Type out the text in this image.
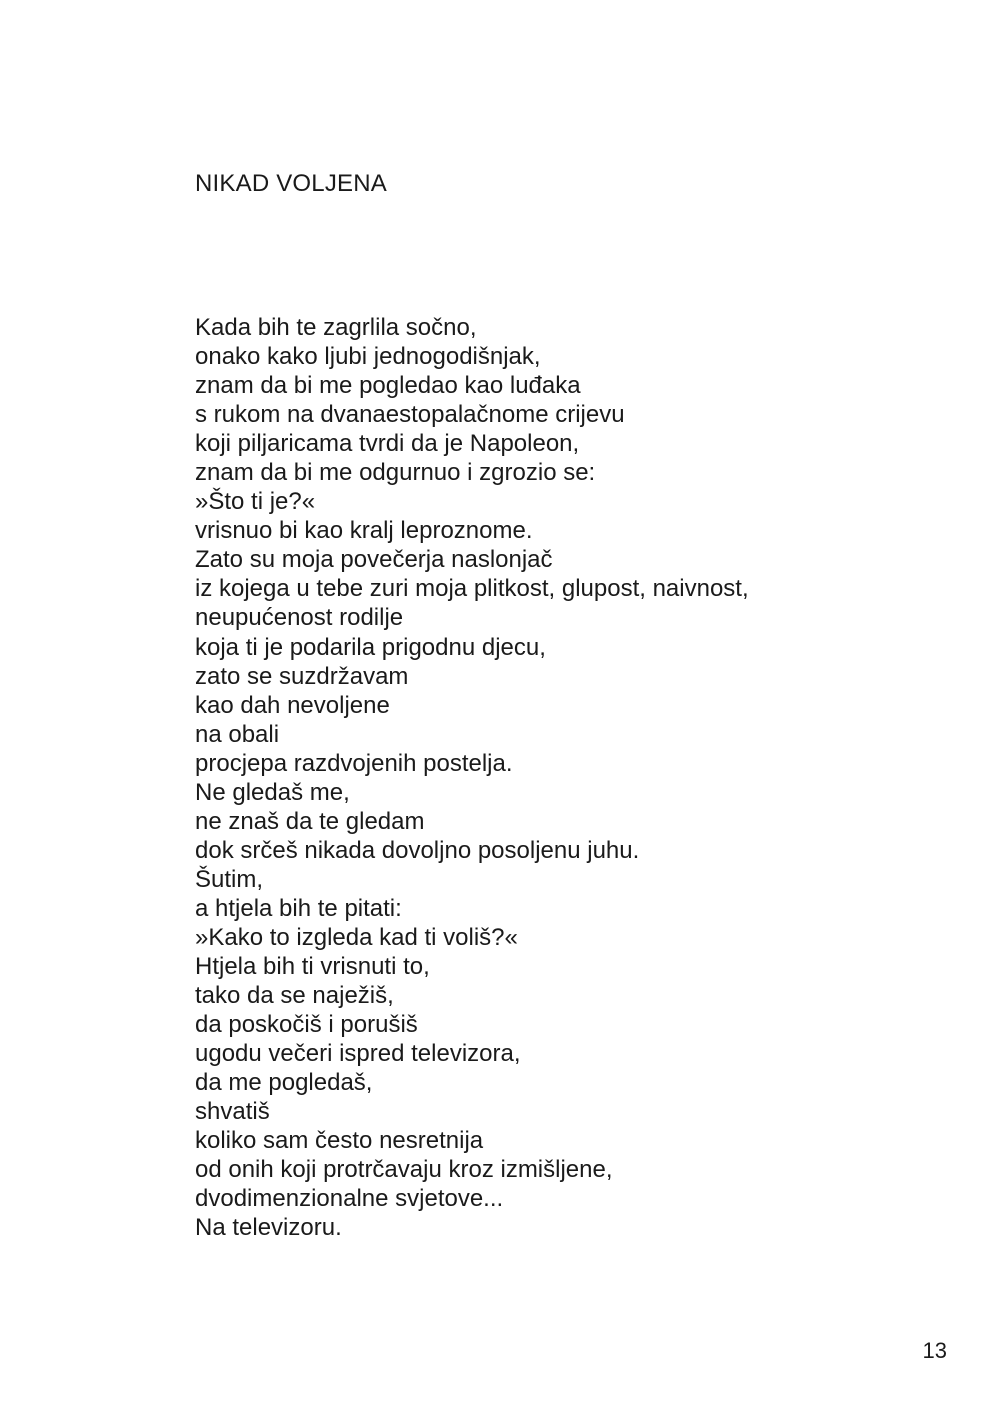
NIKAD VOLJENA
Kada bih te zagrlila sočno,
onako kako ljubi jednogodišnjak,
znam da bi me pogledao kao luđaka
s rukom na dvanaestopalačnome crijevu
koji piljaricama tvrdi da je Napoleon,
znam da bi me odgurnuo i zgrozio se:
»Što ti je?«
vrisnuo bi kao kralj leproznome.
Zato su moja povečerja naslonjač
iz kojega u tebe zuri moja plitkost, glupost, naivnost,
neupućenost rodilje
koja ti je podarila prigodnu djecu,
zato se suzdržavam
kao dah nevoljene
na obali
procjepa razdvojenih postelja.
Ne gledaš me,
ne znaš da te gledam
dok srčeš nikada dovoljno posoljenu juhu.
Šutim,
a htjela bih te pitati:
»Kako to izgleda kad ti voliš?«
Htjela bih ti vrisnuti to,
tako da se naježiš,
da poskočiš i porušiš
ugodu večeri ispred televizora,
da me pogledaš,
shvatiš
koliko sam često nesretnija
od onih koji protrčavaju kroz izmišljene,
dvodimenzionalne svjetove...
Na televizoru.
13
